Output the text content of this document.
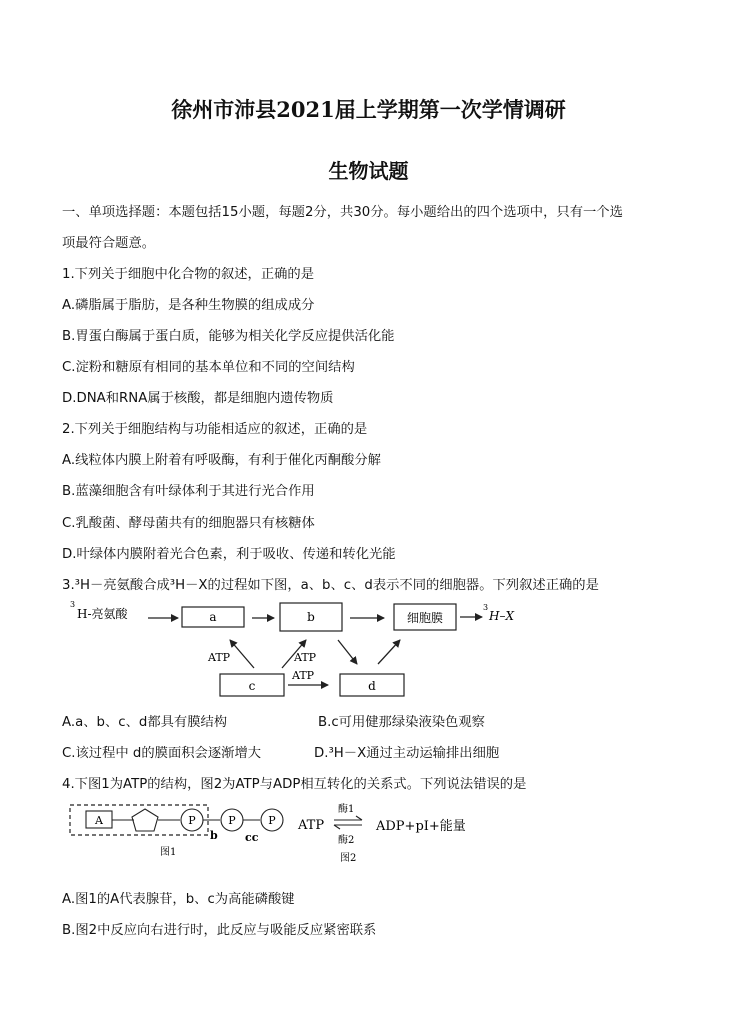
徐州市沛县2021届上学期第一次学情调研
生物试题
一、单项选择题：本题包括15小题，每题2分，共30分。每小题给出的四个选项中，只有一个选
项最符合题意。
1.下列关于细胞中化合物的叙述，正确的是
A.磷脂属于脂肪，是各种生物膜的组成成分
B.胃蛋白酶属于蛋白质，能够为相关化学反应提供活化能
C.淀粉和糖原有相同的基本单位和不同的空间结构
D.DNA和RNA属于核酸，都是细胞内遗传物质
2.下列关于细胞结构与功能相适应的叙述，正确的是
A.线粒体内膜上附着有呼吸酶，有利于催化丙酮酸分解
B.蓝藻细胞含有叶绿体利于其进行光合作用
C.乳酸菌、酵母菌共有的细胞器只有核糖体
D.叶绿体内膜附着光合色素，利于吸收、传递和转化光能
3.³H－亮氨酸合成³H－X的过程如下图，a、b、c、d表示不同的细胞器。下列叙述正确的是
3
H-亮氨酸	a	b	细胞膜
3
H–X
ATP	ATP
c
ATP
d
A.a、b、c、d都具有膜结构	B.c可用健那绿染液染色观察
C.该过程中 d的膜面积会逐渐增大	D.³H－X通过主动运输排出细胞
4.下图1为ATP的结构，图2为ATP与ADP相互转化的关系式。下列说法错误的是
A	P
b
P
cc
P
图1
ATP
酶1
酶2
ADP+pI+能量
图2
A.图1的A代表腺苷，b、c为高能磷酸键
B.图2中反应向右进行时，此反应与吸能反应紧密联系
